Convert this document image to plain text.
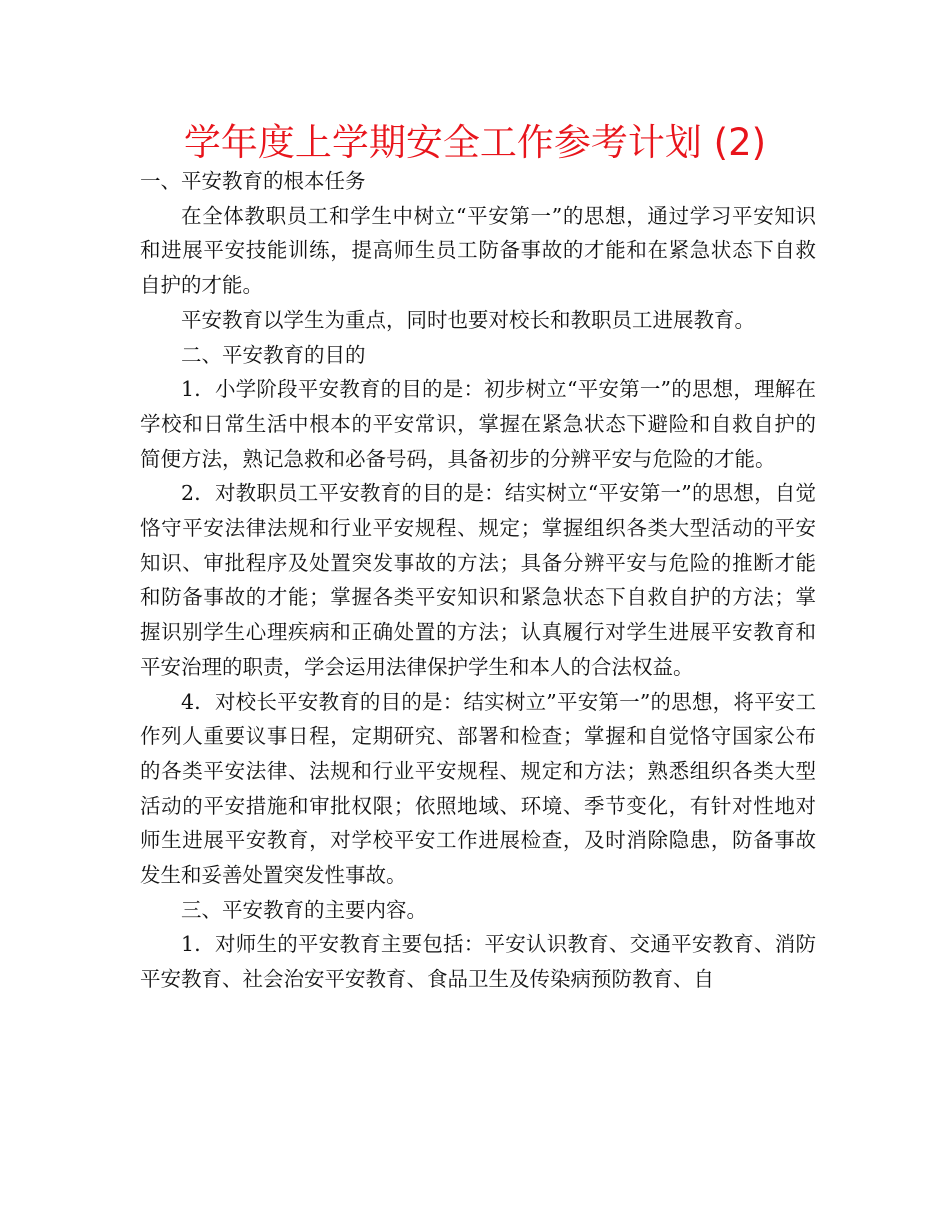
学年度上学期安全工作参考计划 (2)

一、平安教育的根本任务

在全体教职员工和学生中树立“平安第一”的思想，通过学习平安知识和进展平安技能训练，提高师生员工防备事故的才能和在紧急状态下自救自护的才能。

平安教育以学生为重点，同时也要对校长和教职员工进展教育。

二、平安教育的目的

1．小学阶段平安教育的目的是：初步树立“平安第一”的思想，理解在学校和日常生活中根本的平安常识，掌握在紧急状态下避险和自救自护的简便方法，熟记急救和必备号码，具备初步的分辨平安与危险的才能。

2．对教职员工平安教育的目的是：结实树立“平安第一”的思想，自觉恪守平安法律法规和行业平安规程、规定；掌握组织各类大型活动的平安知识、审批程序及处置突发事故的方法；具备分辨平安与危险的推断才能和防备事故的才能；掌握各类平安知识和紧急状态下自救自护的方法；掌握识别学生心理疾病和正确处置的方法；认真履行对学生进展平安教育和平安治理的职责，学会运用法律保护学生和本人的合法权益。

4．对校长平安教育的目的是：结实树立”平安第一”的思想，将平安工作列人重要议事日程，定期研究、部署和检查；掌握和自觉恪守国家公布的各类平安法律、法规和行业平安规程、规定和方法；熟悉组织各类大型活动的平安措施和审批权限；依照地域、环境、季节变化，有针对性地对师生进展平安教育，对学校平安工作进展检查，及时消除隐患，防备事故发生和妥善处置突发性事故。

三、平安教育的主要内容。

1．对师生的平安教育主要包括：平安认识教育、交通平安教育、消防平安教育、社会治安平安教育、食品卫生及传染病预防教育、自
